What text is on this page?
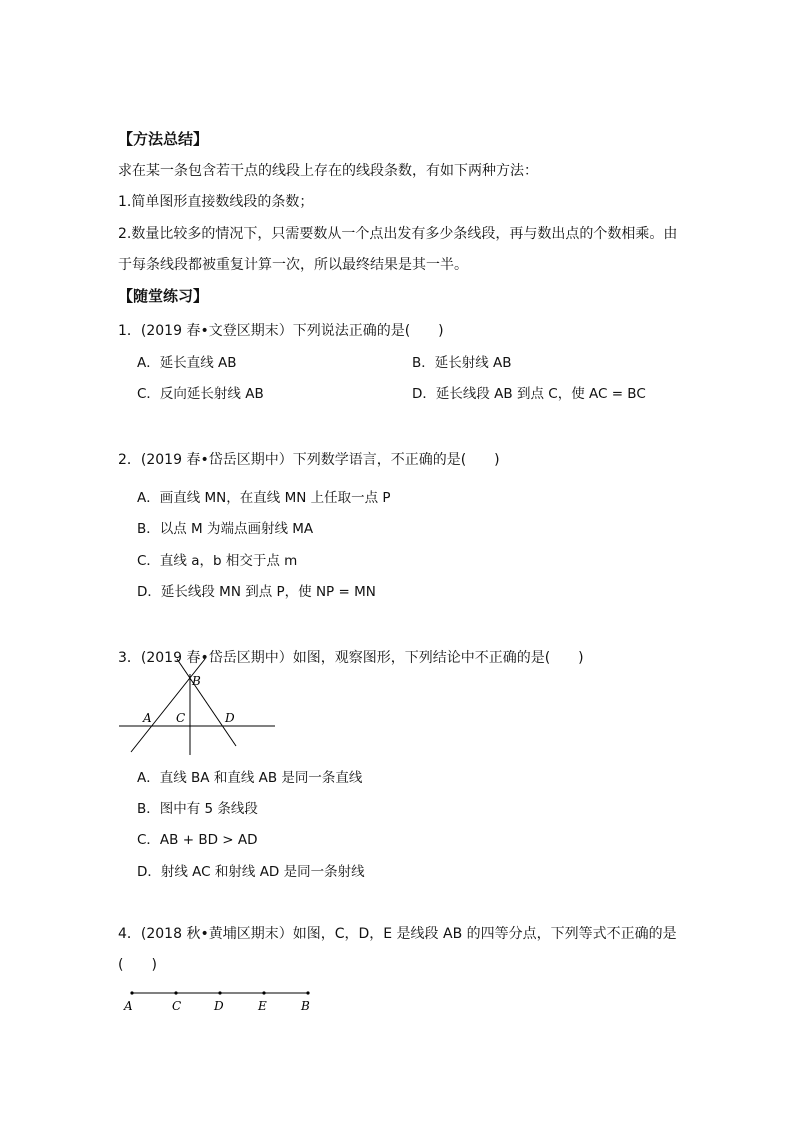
【方法总结】
求在某一条包含若干点的线段上存在的线段条数，有如下两种方法：
1.简单图形直接数线段的条数；
2.数量比较多的情况下，只需要数从一个点出发有多少条线段，再与数出点的个数相乘。由
于每条线段都被重复计算一次，所以最终结果是其一半。
【随堂练习】
1．(2019 春•文登区期末）下列说法正确的是(　　)
A．延长直线 AB	B．延长射线 AB
C．反向延长射线 AB	D．延长线段 AB 到点 C，使 AC = BC
2．(2019 春•岱岳区期中）下列数学语言，不正确的是(　　)
A．画直线 MN，在直线 MN 上任取一点 P
B．以点 M 为端点画射线 MA
C．直线 a，b 相交于点 m
D．延长线段 MN 到点 P，使 NP = MN
3．(2019 春•岱岳区期中）如图，观察图形，下列结论中不正确的是(　　)
A
B
C	D
A．直线 BA 和直线 AB 是同一条直线
B．图中有 5 条线段
C．AB + BD > AD
D．射线 AC 和射线 AD 是同一条射线
4．(2018 秋•黄埔区期末）如图，C，D，E 是线段 AB 的四等分点，下列等式不正确的是
(　　)
A	C	D	E	B
